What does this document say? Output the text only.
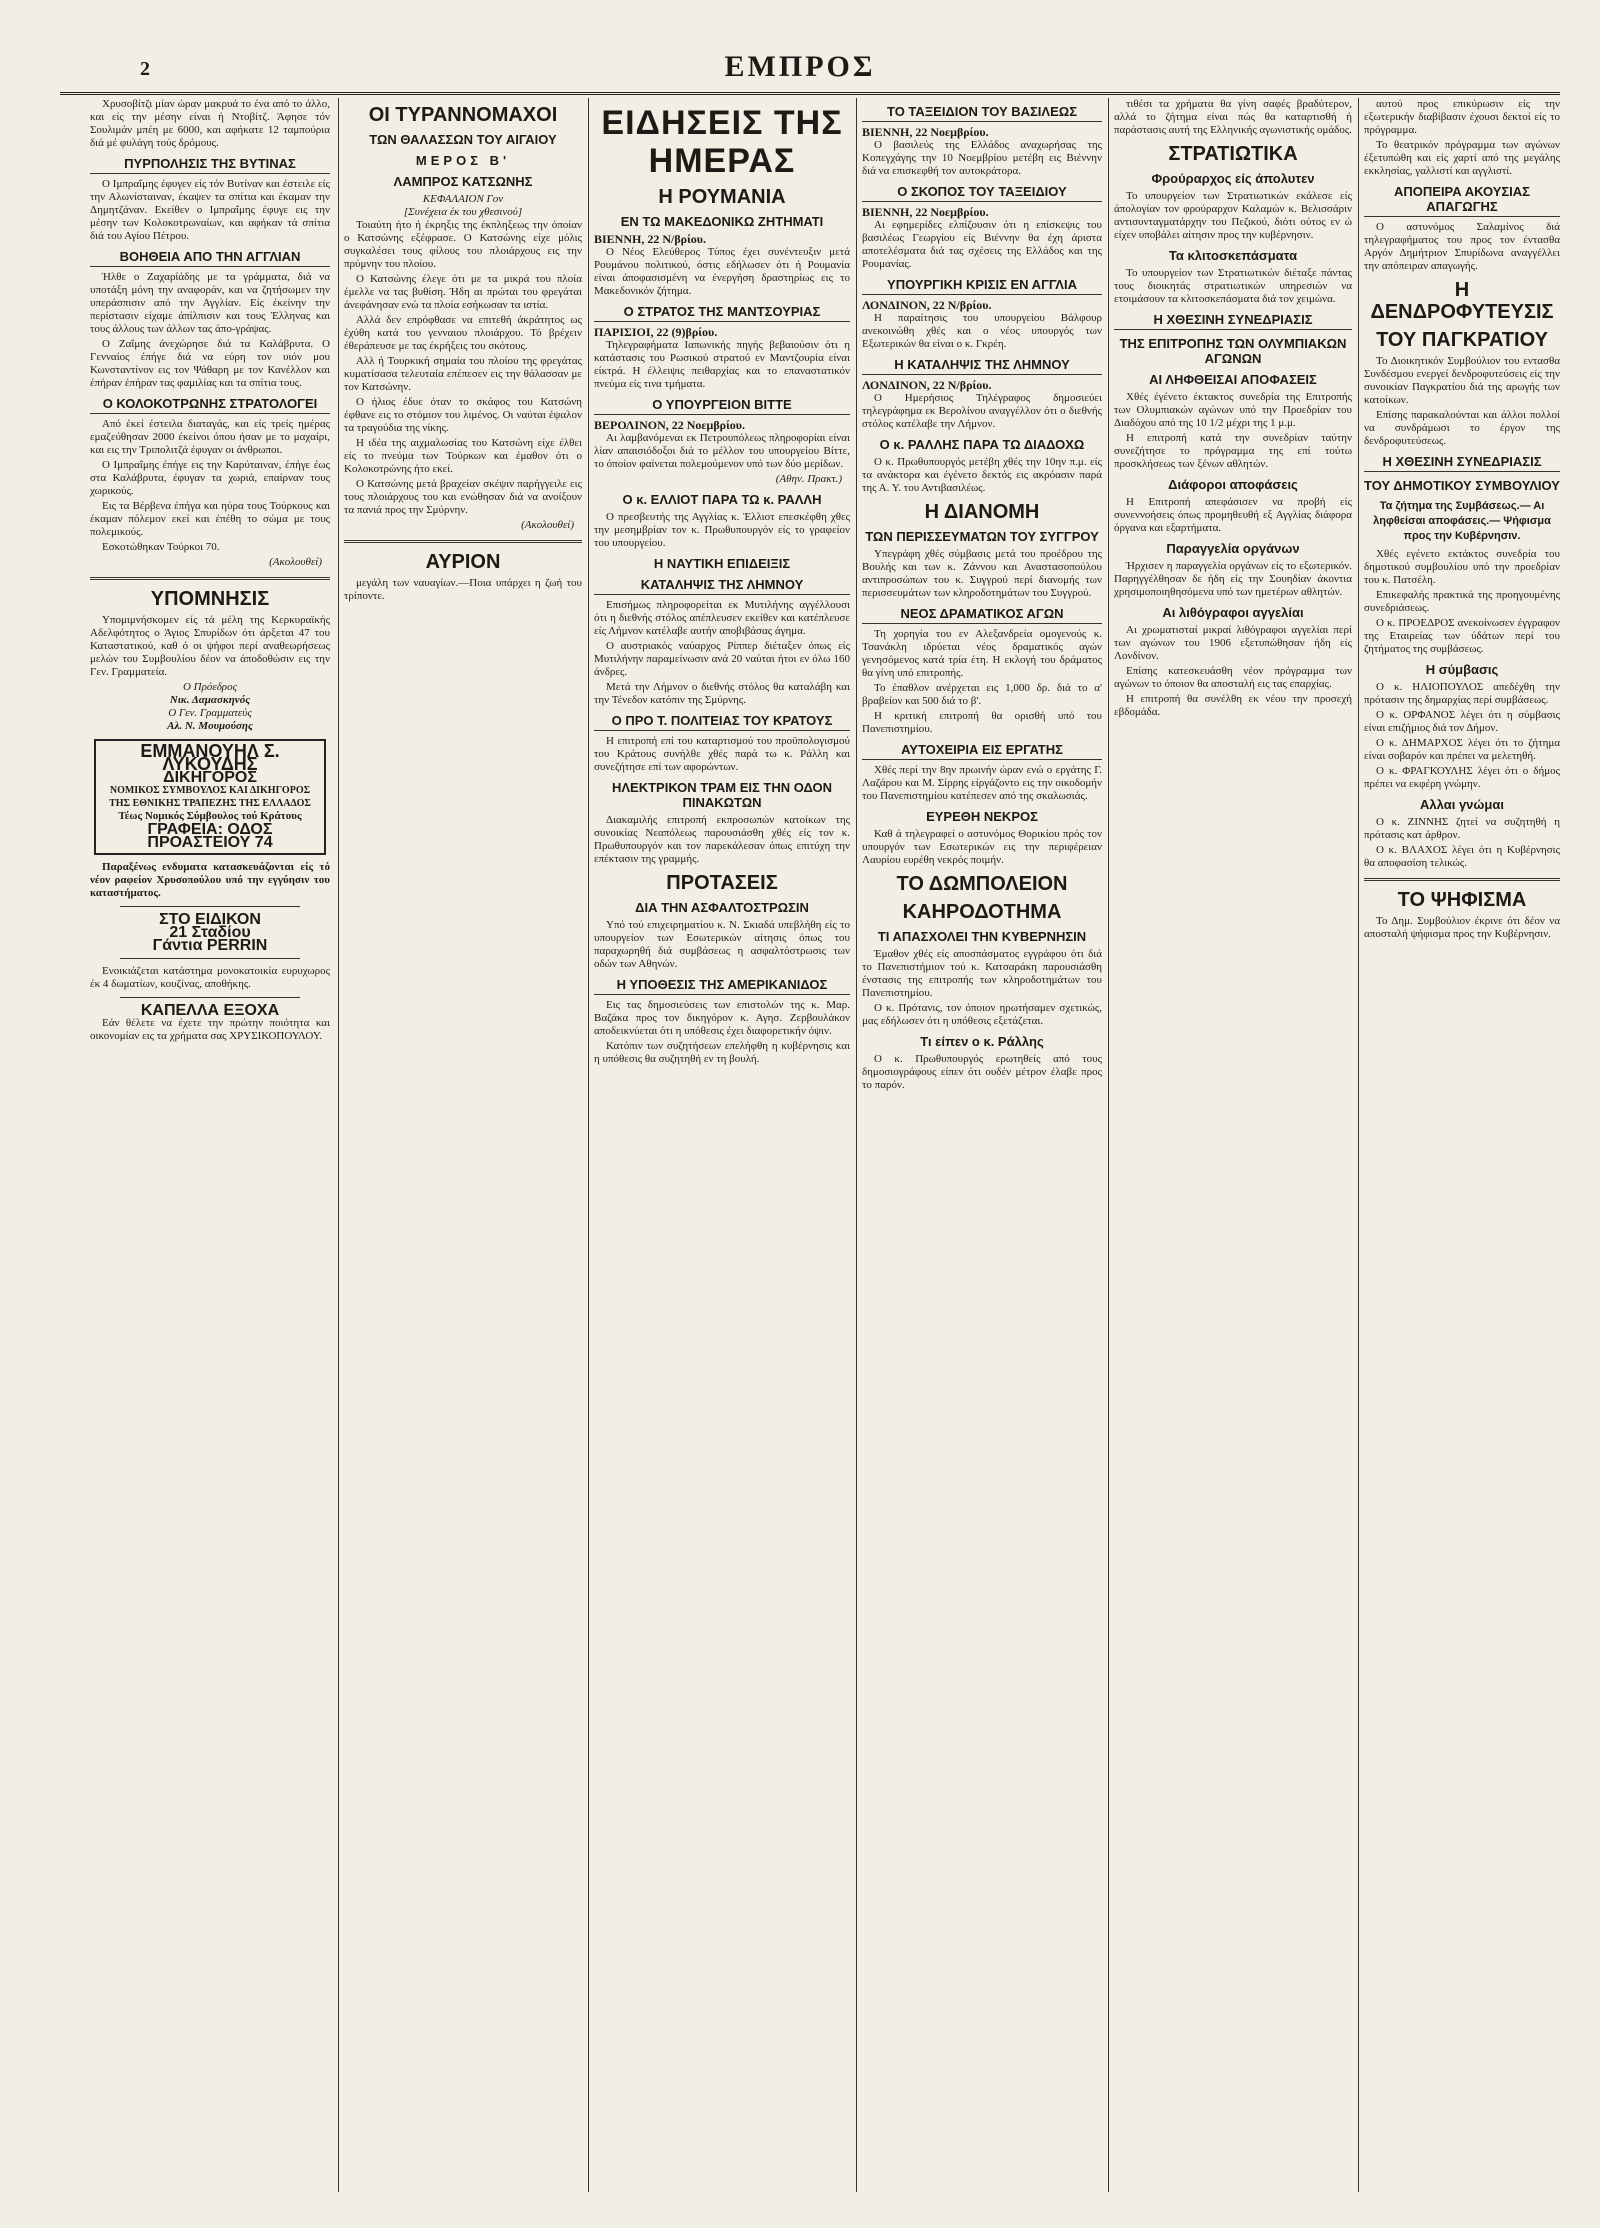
2	ΕΜΠΡΟΣ

Χρυσοβίτζι μίαν ώραν μακρυά το ένα από το άλλο, και είς την μέσην είναι ή Ντοβίτζ. Άφησε τόν Σουλιμάν μπέη με 6000, και αφήκατε 12 ταμπούρια διά μέ φυλάγη τούς δρόμους.

ΠΥΡΠΟΛΗΣΙΣ ΤΗΣ ΒΥΤΙΝΑΣ

Ο Ιμπραΐμης έφυγεν είς τόν Βυτίναν και έστειλε είς την Αλωνίσταιναν, έκαψεν τα σπίτια και έκαμαν την Δημητζάναν. Εκείθεν ο Ιμπραΐμης έφυγε εις την μέσην των Κολοκοτρωναίων, και αφήκαν τά σπίτια διά του Αγίου Πέτρου.

ΒΟΗΘΕΙΑ ΑΠΟ ΤΗΝ ΑΓΓΛΙΑΝ

Ήλθε ο Ζαχαρίάδης με τα γράμματα, διά να υποτάξη μόνη την αναφοράν, και να ζητήσωμεν την υπεράσπισιν από την Αγγλίαν. Είς έκείνην την περίστασιν είχαμε άπίλπισιν και τους Έλληνας και τους άλλους των άλλων τας άπο-γράψας.

Ο Ζαΐμης άνεχώρησε διά τα Καλάβρυτα. Ο Γενναίος έπήγε διά να εύρη τον υιόν μου Κωνσταντίνον εις τον Ψάθαρη με τον Κανέλλον και έπήραν έπήραν τας φαμιλίας και τα σπίτια τους.

Ο ΚΟΛΟΚΟΤΡΩΝΗΣ ΣΤΡΑΤΟΛΟΓΕΙ

Από έκεί έστειλα διαταγάς, και είς τρείς ημέρας εμαζεύθησαν 2000 έκείνοι όπου ήσαν με το μαχαίρι, και εις την Τριπολιτζά έφυγαν οι άνθρωποι.

Ο Ιμπραΐμης έπήγε εις την Καρύταιναν, έπήγε έως στα Καλάβρυτα, έφυγαν τα χωριά, επαίρναν τους χωρικούς.

Εις τα Βέρβενα έπήγα και ηύρα τους Τούρκους και έκαμαν πόλεμον εκεί και έπέθη το σώμα με τους πολεμικούς.

Εσκοτώθηκαν Τούρκοι 70.

(Ακολουθεί)
ΥΠΟΜΝΗΣΙΣ

Υπομιμνήσκομεν είς τά μέλη της Κερκυραϊκής Αδελφότητος ο Άγιος Σπυρίδων ότι άρξεται 47 του Καταστατικού, καθ ό οι ψήφοι περί αναθεωρήσεως μελών του Συμβουλίου δέον να άποδοθώσιν εις την Γεν. Γραμματεία.

Ο Πρόεδρος
Νικ. Δαμασκηνός
Ο Γεν. Γραμματεύς
Αλ. Ν. Μουμούσης
ΕΜΜΑΝΟΥΗΛ Σ. ΛΥΚΟΥΔΗΣ
ΔΙΚΗΓΟΡΟΣ
ΝΟΜΙΚΟΣ ΣΥΜΒΟΥΛΟΣ ΚΑΙ ΔΙΚΗΓΟΡΟΣ ΤΗΣ ΕΘΝΙΚΗΣ ΤΡΑΠΕΖΗΣ ΤΗΣ ΕΛΛΑΔΟΣ
Τέως Νομικός Σύμβουλος τού Κράτους
ΓΡΑΦΕΙΑ: ΟΔΟΣ ΠΡΟΑΣΤΕΙΟΥ 74

Παραξένως ενδυματα κατασκευάζονται είς τό νέον ραφείον Χρυσοπούλου υπό την εγγύησιν του καταστήματος.

ΣΤΟ ΕΙΔΙΚΟΝ
21 Σταδίου
Γάντια PERRIN

Ενοικιάζεται κατάστημα μονοκατοικία ευρυχωρος έκ 4 δωματίων, κουζίνας, αποθήκης.

ΚΑΠΕΛΛΑ ΕΞΟΧΑ

Εάν θέλετε να έχετε την πρώτην ποιότητα και οικονομίαν εις τα χρήματα σας ΧΡΥΣΙΚΟΠΟΥΛΟΥ.

ΟΙ ΤΥΡΑΝΝΟΜΑΧΟΙ
ΤΩΝ ΘΑΛΑΣΣΩΝ ΤΟΥ ΑΙΓΑΙΟΥ
ΜΕΡΟΣ Β'
ΛΑΜΠΡΟΣ ΚΑΤΣΩΝΗΣ
ΚΕΦΑΛΑΙΟΝ Γον
[Συνέχεια έκ του χθεσινού]

Τοιαύτη ήτο ή έκρηξις της έκπληξεως την όποίαν ο Κατσώνης εξέφρασε. Ο Κατσώνης είχε μόλις συγκαλέσει τους φίλους του πλοιάρχους εις την πρύμνην του πλοίου.

Ο Κατσώνης έλεγε ότι με τα μικρά του πλοία έμελλε να τας βυθίση. Ήδη αι πρώται του φρεγάται άνεφάνησαν ενώ τα πλοία εσήκωσαν τα ιστία.

Αλλά δεν επρόφθασε να επιτεθή άκράτητος ως έχύθη κατά του γενναιου πλοιάρχου. Τό βρέχειν έθεράπευσε με τας έκρήξεις του σκότους.

Αλλ ή Τουρκική σημαία του πλοίου της φρεγάτας κυματίσασα τελευταία επέπεσεν εις την θάλασσαν με τον Κατσώνην.

Ο ήλιος έδυε όταν το σκάφος του Κατσώνη έφθανε εις το στόμιον του λιμένος. Οι ναύται έψαλον τα τραγούδια της νίκης.

Η ιδέα της αιχμαλωσίας του Κατσώνη είχε έλθει είς το πνεύμα των Τούρκων και έμαθον ότι ο Κολοκοτρώνης ήτο εκεί.

Ο Κατσώνης μετά βραχείαν σκέψιν παρήγγειλε εις τους πλοιάρχους του και ενώθησαν διά να ανοίξουν τα πανιά προς την Σμύρνην.

(Ακολουθεί)
ΑΥΡΙΟΝ

μεγάλη των ναυαγίων.—Ποια υπάρχει η ζωή του τρίποντε.

ΕΙΔΗΣΕΙΣ ΤΗΣ ΗΜΕΡΑΣ
Η ΡΟΥΜΑΝΙΑ
ΕΝ ΤΩ ΜΑΚΕΔΟΝΙΚΩ ΖΗΤΗΜΑΤΙ
ΒΙΕΝΝΗ, 22 Ν/βρίου.

Ο Νέος Ελεύθερος Τύπος έχει συνέντευξιν μετά Ρουμάνου πολιτικού, όστις εδήλωσεν ότι ή Ρουμανία είναι άποφασισμένη να ένεργήση δραστηρίως εις το Μακεδονικόν ζήτημα.

Ο ΣΤΡΑΤΟΣ ΤΗΣ ΜΑΝΤΣΟΥΡΙΑΣ
ΠΑΡΙΣΙΟΙ, 22 (9)βρίου.

Τηλεγραφήματα Ιαπωνικής πηγής βεβαιούσιν ότι η κατάστασις του Ρωσικού στρατού εν Μαντζουρία είναι είκτρά. Η έλλειψις πειθαρχίας και το επαναστατικόν πνεύμα είς τινα τμήματα.

Ο ΥΠΟΥΡΓΕΙΟΝ ΒΙΤΤΕ
ΒΕΡΟΛΙΝΟΝ, 22 Νοεμβρίου.

Αι λαμβανόμεναι εκ Πετρουπόλεως πληροφορίαι είναι λίαν απαισιόδοξοι διά το μέλλον του υπουργείου Βίττε, το όποίον φαίνεται πολεμούμενον υπό των δύο μερίδων.

(Αθην. Πρακτ.)
Ο κ. ΕΛΛΙΟΤ ΠΑΡΑ ΤΩ κ. ΡΑΛΛΗ

Ο πρεσβευτής της Αγγλίας κ. Έλλιοτ επεσκέφθη χθες την μεσημβρίαν τον κ. Πρωθυπουργόν είς το γραφείον του υπουργείου.

Η ΝΑΥΤΙΚΗ ΕΠΙΔΕΙΞΙΣ
ΚΑΤΑΛΗΨΙΣ ΤΗΣ ΛΗΜΝΟΥ

Επισήμως πληροφορείται εκ Μυτιλήνης αγγέλλουσι ότι η διεθνής στόλος απέπλευσεν εκείθεν και κατέπλευσε είς Λήμνον κατέλαβε αυτήν αποβιβάσας άγημα.

Ο αυστριακός ναύαρχος Ρίππερ διέταξεν όπως είς Μυτιλήνην παραμείνωσιν ανά 20 ναύται ήτοι εν όλω 160 άνδρες.

Μετά την Λήμνον ο διεθνής στόλος θα καταλάβη και την Τένεδον κατόπιν της Σμύρνης.

Ο ΠΡΟ Τ. ΠΟΛΙΤΕΙΑΣ ΤΟΥ ΚΡΑΤΟΥΣ

Η επιτροπή επί του καταρτισμού του προϋπολογισμού του Κράτους συνήλθε χθές παρά τω κ. Ράλλη και συνεζήτησε επί των αφορώντων.

ΗΛΕΚΤΡΙΚΟΝ ΤΡΑΜ ΕΙΣ ΤΗΝ ΟΔΟΝ ΠΙΝΑΚΩΤΩΝ

Διακαμιλής επιτροπή εκπροσωπών κατοίκων της συνοικίας Νεαπόλεως παρουσιάσθη χθές είς τον κ. Πρωθυπουργόν και τον παρεκάλεσαν όπως επιτύχη την επέκτασιν της γραμμής.

ΠΡΟΤΑΣΕΙΣ
ΔΙΑ ΤΗΝ ΑΣΦΑΛΤΟΣΤΡΩΣΙΝ

Υπό τού επιχειρηματίου κ. Ν. Σκιαδά υπεβλήθη είς το υπουργείον των Εσωτερικών αίτησις όπως του παραχωρηθή διά συμβάσεως η ασφαλτόστρωσις των οδών των Αθηνών.

Η ΥΠΟΘΕΣΙΣ ΤΗΣ ΑΜΕΡΙΚΑΝΙΔΟΣ

Εις τας δημοσιεύσεις των επιστολών της κ. Μαρ. Βαζάκα προς τον δικηγόρον κ. Αγησ. Ζερβουλάκον αποδεικνύεται ότι η υπόθεσις έχει διαφορετικήν όψιν.

Κατόπιν των συζητήσεων επελήφθη η κυβέρνησις και η υπόθεσις θα συζητηθή εν τη βουλή.

ΤΟ ΤΑΞΕΙΔΙΟΝ ΤΟΥ ΒΑΣΙΛΕΩΣ
ΒΙΕΝΝΗ, 22 Νοεμβρίου.

Ο βασιλεύς της Ελλάδος αναχωρήσας της Κοπεγχάγης την 10 Νοεμβρίου μετέβη εις Βιέννην διά να επισκεφθή τον αυτοκράτορα.

Ο ΣΚΟΠΟΣ ΤΟΥ ΤΑΞΕΙΔΙΟΥ
ΒΙΕΝΝΗ, 22 Νοεμβρίου.

Αι εφημερίδες ελπίζουσιν ότι η επίσκεψις του βασιλέως Γεωργίου είς Βιέννην θα έχη άριστα αποτελέσματα διά τας σχέσεις της Ελλάδος και της Ρουμανίας.

ΥΠΟΥΡΓΙΚΗ ΚΡΙΣΙΣ ΕΝ ΑΓΓΛΙΑ
ΛΟΝΔΙΝΟΝ, 22 Ν/βρίου.

Η παραίτησις του υπουργείου Βάλφουρ ανεκοινώθη χθές και ο νέος υπουργός των Εξωτερικών θα είναι ο κ. Γκρέη.

Η ΚΑΤΑΛΗΨΙΣ ΤΗΣ ΛΗΜΝΟΥ
ΛΟΝΔΙΝΟΝ, 22 Ν/βρίου.

Ο Ημερήσιος Τηλέγραφος δημοσιεύει τηλεγράφημα εκ Βερολίνου αναγγέλλον ότι ο διεθνής στόλος κατέλαβε την Λήμνον.

Ο κ. ΡΑΛΛΗΣ ΠΑΡΑ ΤΩ ΔΙΑΔΟΧΩ

Ο κ. Πρωθυπουργός μετέβη χθές την 10ην π.μ. είς τα ανάκτορα και έγένετο δεκτός εις ακρόασιν παρά της Α. Υ. του Αντιβασιλέως.

Η ΔΙΑΝΟΜΗ
ΤΩΝ ΠΕΡΙΣΣΕΥΜΑΤΩΝ ΤΟΥ ΣΥΓΓΡΟΥ

Υπεγράφη χθές σύμβασις μετά του προέδρου της Βουλής και των κ. Ζάννου και Αναστασοπούλου αντιπροσώπων του κ. Συγγρού περί διανομής των περισσευμάτων των κληροδοτημάτων του Συγγρού.

ΝΕΟΣ ΔΡΑΜΑΤΙΚΟΣ ΑΓΩΝ

Τη χορηγία του εν Αλεξανδρεία ομογενούς κ. Τσανάκλη ιδρύεται νέος δραματικός αγών γενησόμενος κατά τρία έτη. Η εκλογή του δράματος θα γίνη υπό επιτροπής.

Το έπαθλον ανέρχεται εις 1,000 δρ. διά το α' βραβείον και 500 διά το β'.

Η κριτική επιτροπή θα ορισθή υπό του Πανεπιστημίου.

ΑΥΤΟΧΕΙΡΙΑ ΕΙΣ ΕΡΓΑΤΗΣ

Χθές περί την 8ην πρωινήν ώραν ενώ ο εργάτης Γ. Λαζάρου και Μ. Σίρρης είργάζοντο εις την οικοδομήν του Πανεπιστημίου κατέπεσεν από της σκαλωσιάς.

ΕΥΡΕΘΗ ΝΕΚΡΟΣ

Καθ ά τηλεγραφεί ο αστυνόμος Θορικίου πρός τον υπουργόν των Εσωτερικών εις την περιφέρειαν Λαυρίου ευρέθη νεκρός ποιμήν.

ΤΟ ΔΩΜΠΟΛΕΙΟΝ
ΚΑΗΡΟΔΟΤΗΜΑ
ΤΙ ΑΠΑΣΧΟΛΕΙ ΤΗΝ ΚΥΒΕΡΝΗΣΙΝ

Έμαθον χθές είς αποσπάσματος εγγράφου ότι διά το Πανεπιστήμιον τού κ. Κατσαράκη παρουσιάσθη ένστασις της επιτροπής των κληροδοτημάτων του Πανεπιστημίου.

Ο κ. Πρότανις, τον όποιον ηρωτήσαμεν σχετικώς, μας εδήλωσεν ότι η υπόθεσις εξετάζεται.

Τι είπεν ο κ. Ράλλης

Ο κ. Πρωθυπουργός ερωτηθείς από τους δημοσιογράφους είπεν ότι ουδέν μέτρον έλαβε προς το παρόν.

τιθέσι τα χρήματα θα γίνη σαφές βραδύτερον, αλλά το ζήτημα είναι πώς θα καταρτισθή ή παράστασις αυτή της Ελληνικής αγωνιστικής ομάδος.

ΣΤΡΑΤΙΩΤΙΚΑ
Φρούραρχος είς άπολυτεν

Το υπουργείον των Στρατιωτικών εκάλεσε είς άπολογίαν τον φρούραρχον Καλαμών κ. Βελισσάριν αντισυνταγματάρχην του Πεζικού, διότι ούτος εν ώ είχεν υποβάλει αίτησιν προς την κυβέρνησιν.

Τα κλιτοσκεπάσματα

Το υπουργείον των Στρατιωτικών διέταξε πάντας τους διοικητάς στρατιωτικών υπηρεσιών να ετοιμάσουν τα κλιτοσκεπάσματα διά τον χειμώνα.

Η ΧΘΕΣΙΝΗ ΣΥΝΕΔΡΙΑΣΙΣ
ΤΗΣ ΕΠΙΤΡΟΠΗΣ ΤΩΝ ΟΛΥΜΠΙΑΚΩΝ ΑΓΩΝΩΝ
ΑΙ ΛΗΦΘΕΙΣΑΙ ΑΠΟΦΑΣΕΙΣ

Χθές έγένετο έκτακτος συνεδρία της Επιτροπής των Ολυμπιακών αγώνων υπό την Προεδρίαν του Διαδόχου από της 10 1/2 μέχρι της 1 μ.μ.

Η επιτροπή κατά την συνεδρίαν ταύτην συνεζήτησε το πρόγραμμα της επί τούτω προσκλήσεως των ξένων αθλητών.

Διάφοροι αποφάσεις

Η Επιτροπή απεφάσισεν να προβή είς συνεννοήσεις όπως προμηθευθή εξ Αγγλίας διάφορα όργανα και εξαρτήματα.

Παραγγελία οργάνων

Ήρχισεν η παραγγελία οργάνων είς το εξωτερικόν. Παρηγγέλθησαν δε ήδη είς την Σουηδίαν άκοντια χρησιμοποιηθησόμενα υπό των ημετέρων αθλητών.

Αι λιθόγραφοι αγγελίαι

Αι χρωματισταί μικραί λιθόγραφοι αγγελίαι περί των αγώνων του 1906 εξετυπώθησαν ήδη είς Λονδίνον.

Επίσης κατεσκευάσθη νέον πρόγραμμα των αγώνων το όποιον θα αποσταλή εις τας επαρχίας.

Η επιτροπή θα συνέλθη εκ νέου την προσεχή εβδομάδα.

αυτού προς επικύρωσιν είς την εξωτερικήν διαβίβασιν έχουσι δεκτοί είς το πρόγραμμα.

Το θεατρικόν πρόγραμμα των αγώνων έξετυπώθη και είς χαρτί από της μεγάλης εκκλησίας, γαλλιστί και αγγλιστί.

ΑΠΟΠΕΙΡΑ ΑΚΟΥΣΙΑΣ ΑΠΑΓΩΓΗΣ

Ο αστυνόμος Σαλαμίνος διά τηλεγραφήματος του προς τον έντασθα Αργόν Δημήτριον Σπυρίδωνα αναγγέλλει την απόπειραν απαγωγής.

Η ΔΕΝΔΡΟΦΥΤΕΥΣΙΣ
ΤΟΥ ΠΑΓΚΡΑΤΙΟΥ

Το Διοικητικόν Συμβούλιον του εντασθα Συνδέσμου ενεργεί δενδροφυτεύσεις είς την συνοικίαν Παγκρατίου διά της αρωγής των κατοίκων.

Επίσης παρακαλούνται και άλλοι πολλοί να συνδράμωσι το έργον της δενδροφυτεύσεως.

Η ΧΘΕΣΙΝΗ ΣΥΝΕΔΡΙΑΣΙΣ
ΤΟΥ ΔΗΜΟΤΙΚΟΥ ΣΥΜΒΟΥΛΙΟΥ
Τα ζήτημα της Συμβάσεως.— Αι ληφθείσαι αποφάσεις.— Ψήφισμα προς την Κυβέρνησιν.

Χθές εγένετο εκτάκτος συνεδρία του δημοτικού συμβουλίου υπό την προεδρίαν του κ. Πατσέλη.

Επικεφαλής πρακτικά της προηγουμένης συνεδριάσεως.

Ο κ. ΠΡΟΕΔΡΟΣ ανεκοίνωσεν έγγραφον της Εταιρείας των ύδάτων περί του ζητήματος της συμβάσεως.

Η σύμβασις

Ο κ. ΗΛΙΟΠΟΥΛΟΣ απεδέχθη την πρότασιν της δημαρχίας περί συμβάσεως.

Ο κ. ΟΡΦΑΝΟΣ λέγει ότι η σύμβασις είναι επιζήμιος διά τον Δήμον.

Ο κ. ΔΗΜΑΡΧΟΣ λέγει ότι το ζήτημα είναι σοβαρόν και πρέπει να μελετηθή.

Ο κ. ΦΡΑΓΚΟΥΛΗΣ λέγει ότι ο δήμος πρέπει να εκφέρη γνώμην.

Αλλαι γνώμαι

Ο κ. ΖΙΝΝΗΣ ζητεί να συζητηθή η πρότασις κατ άρθρον.

Ο κ. ΒΛΑΧΟΣ λέγει ότι η Κυβέρνησις θα αποφασίση τελικώς.

ΤΟ ΨΗΦΙΣΜΑ

Το Δημ. Συμβούλιον έκρινε ότι δέον να αποσταλή ψήφισμα προς την Κυβέρνησιν.
